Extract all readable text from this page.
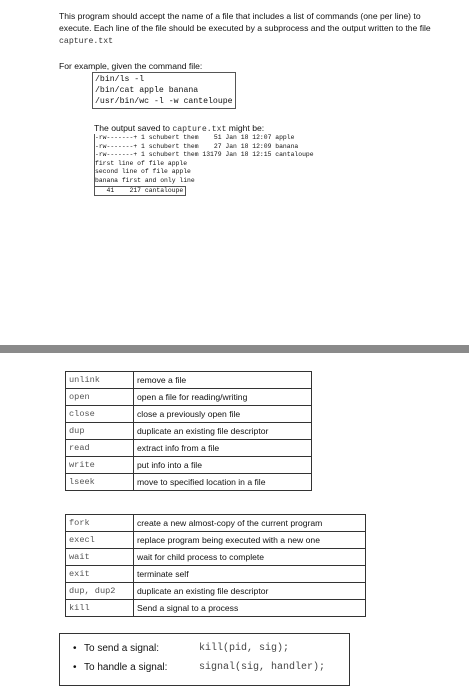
This program should accept the name of a file that includes a list of commands (one per line) to execute. Each line of the file should be executed by a subprocess and the output written to the file capture.txt

For example, given the command file:

/bin/ls -l
/bin/cat apple banana
/usr/bin/wc -l -w canteloupe

The output saved to capture.txt might be:

-rw-------+ 1 schubert them    51 Jan 18 12:07 apple
-rw-------+ 1 schubert them    27 Jan 18 12:09 banana
-rw-------+ 1 schubert them 13179 Jan 18 12:15 cantaloupe
first line of file apple
second line of file apple
banana first and only line
41    217 cantaloupe
unlink	remove a file
open	open a file for reading/writing
close	close a previously open file
dup	duplicate an existing file descriptor
read	extract info from a file
write	put info into a file
lseek	move to specified location in a file
fork	create a new almost-copy of the current program
execl	replace program being executed with a new one
wait	wait for child process to complete
exit	terminate self
dup, dup2	duplicate an existing file descriptor
kill	Send a signal to a process
• To send a signal:	kill(pid, sig);
• To handle a signal:	signal(sig, handler);
